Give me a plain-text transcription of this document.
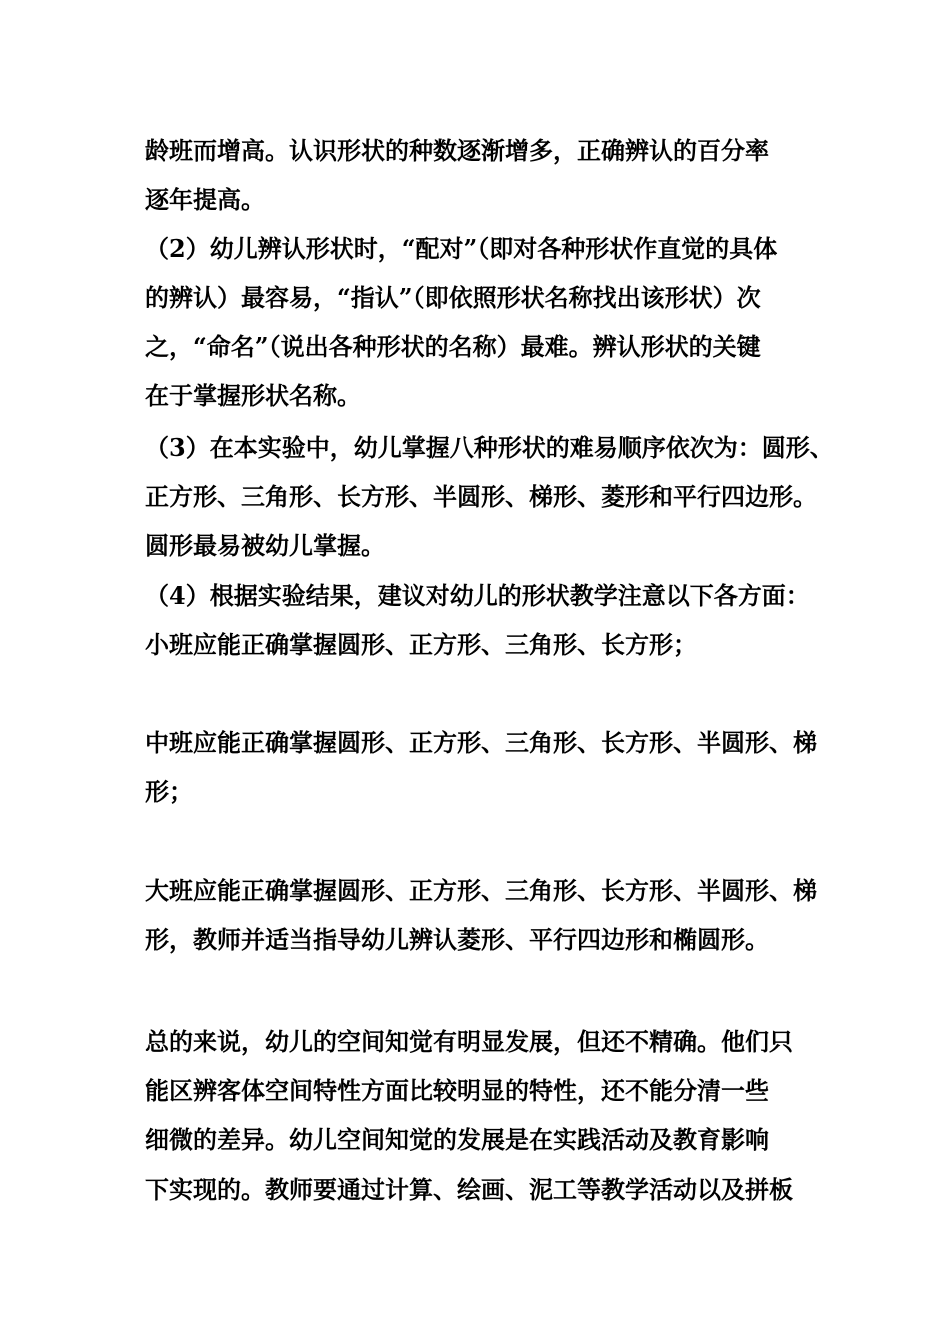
龄班而增高。认识形状的种数逐渐增多，正确辨认的百分率
逐年提高。
（2）幼儿辨认形状时，“配对”（即对各种形状作直觉的具体
的辨认）最容易，“指认”（即依照形状名称找出该形状）次
之，“命名”（说出各种形状的名称）最难。辨认形状的关键
在于掌握形状名称。
（3）在本实验中，幼儿掌握八种形状的难易顺序依次为：圆形、
正方形、三角形、长方形、半圆形、梯形、菱形和平行四边形。
圆形最易被幼儿掌握。
（4）根据实验结果，建议对幼儿的形状教学注意以下各方面：
小班应能正确掌握圆形、正方形、三角形、长方形；
中班应能正确掌握圆形、正方形、三角形、长方形、半圆形、梯
形；
大班应能正确掌握圆形、正方形、三角形、长方形、半圆形、梯
形，教师并适当指导幼儿辨认菱形、平行四边形和椭圆形。
总的来说，幼儿的空间知觉有明显发展，但还不精确。他们只
能区辨客体空间特性方面比较明显的特性，还不能分清一些
细微的差异。幼儿空间知觉的发展是在实践活动及教育影响
下实现的。教师要通过计算、绘画、泥工等教学活动以及拼板
